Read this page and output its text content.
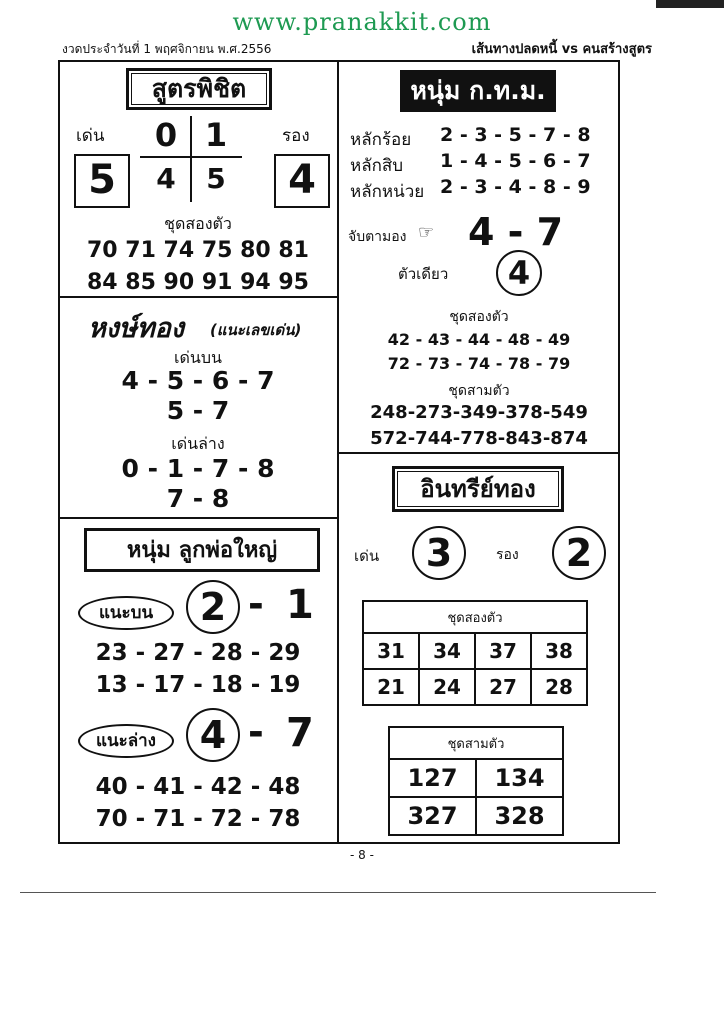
www.pranakkit.com
งวดประจำวันที่ 1 พฤศจิกายน พ.ศ.2556	เส้นทางปลดหนี้ vs คนสร้างสูตร
สูตรพิชิต
เด่น	รอง
5	4
0 1
4	5
ชุดสองตัว
70 71 74 75 80 81
84 85 90 91 94 95
หงษ์ทอง (แนะเลขเด่น)
เด่นบน
4 - 5 - 6 - 7
5 - 7
เด่นล่าง
0 - 1 - 7 - 8
7 - 8
หนุ่ม ลูกพ่อใหญ่
แนะบน	2 - 1
23 - 27 - 28 - 29
13 - 17 - 18 - 19
แนะล่าง	4 - 7
40 - 41 - 42 - 48
70 - 71 - 72 - 78
หนุ่ม ก.ท.ม.
หลักร้อย 2 - 3 - 5 - 7 - 8
หลักสิบ 1 - 4 - 5 - 6 - 7
หลักหน่วย 2 - 3 - 4 - 8 - 9
จับตามอง ☞ 4 - 7
ตัวเดียว	4
ชุดสองตัว
42 - 43 - 44 - 48 - 49
72 - 73 - 74 - 78 - 79
ชุดสามตัว
248-273-349-378-549
572-744-778-843-874
อินทรีย์ทอง
เด่น	3	รอง	2
ชุดสองตัว			
31	34	37	38
21	24	27	28
ชุดสามตัว	
127	134
327	328
- 8 -
